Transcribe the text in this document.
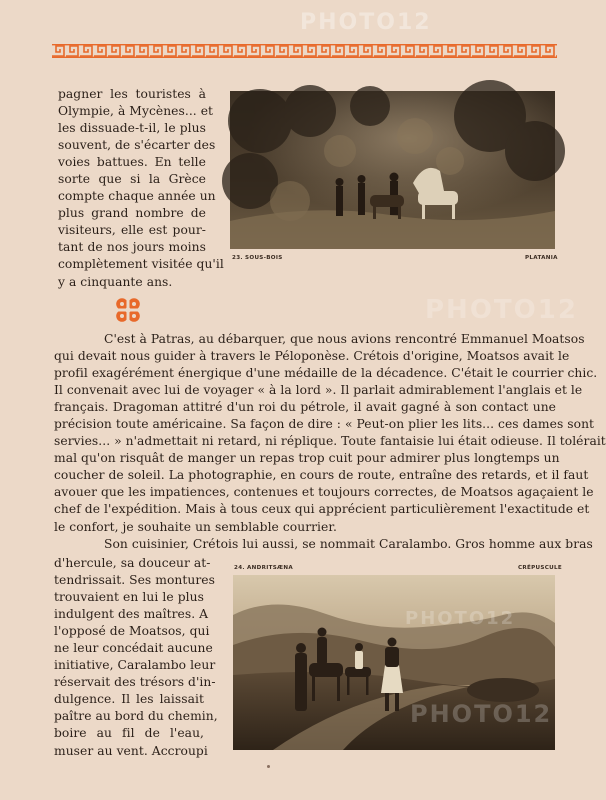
pagner les touristes à
Olympie, à Mycènes... et
les dissuade-t-il, le plus
souvent, de s'écarter des
voies battues. En telle
sorte que si la Grèce
compte chaque année un
plus grand nombre de
visiteurs, elle est pour-
tant de nos jours moins
complètement visitée qu'il
y a cinquante ans.
23. SOUS-BOIS	PLATANIA
C'est à Patras, au débarquer, que nous avions rencontré Emmanuel Moatsos
qui devait nous guider à travers le Péloponèse. Crétois d'origine, Moatsos avait le
profil exagérément énergique d'une médaille de la décadence. C'était le courrier chic.
Il convenait avec lui de voyager « à la lord ». Il parlait admirablement l'anglais et le
français. Dragoman attitré d'un roi du pétrole, il avait gagné à son contact une
précision toute américaine. Sa façon de dire : « Peut-on plier les lits... ces dames sont
servies... » n'admettait ni retard, ni réplique. Toute fantaisie lui était odieuse. Il tolérait
mal qu'on risquât de manger un repas trop cuit pour admirer plus longtemps un
coucher de soleil. La photographie, en cours de route, entraîne des retards, et il faut
avouer que les impatiences, contenues et toujours correctes, de Moatsos agaçaient le
chef de l'expédition. Mais à tous ceux qui apprécient particulièrement l'exactitude et
le confort, je souhaite un semblable courrier.
Son cuisinier, Crétois lui aussi, se nommait Caralambo. Gros homme aux bras
24. ANDRITSÆNA	CRÉPUSCULE
d'hercule, sa douceur at-
tendrissait. Ses montures
trouvaient en lui le plus
indulgent des maîtres. A
l'opposé de Moatsos, qui
ne leur concédait aucune
initiative, Caralambo leur
réservait des trésors d'in-
dulgence. Il les laissait
paître au bord du chemin,
boire au fil de l'eau,
muser au vent. Accroupi
PHOTO12
PHOTO12
PHOTO12
PHOTO12
